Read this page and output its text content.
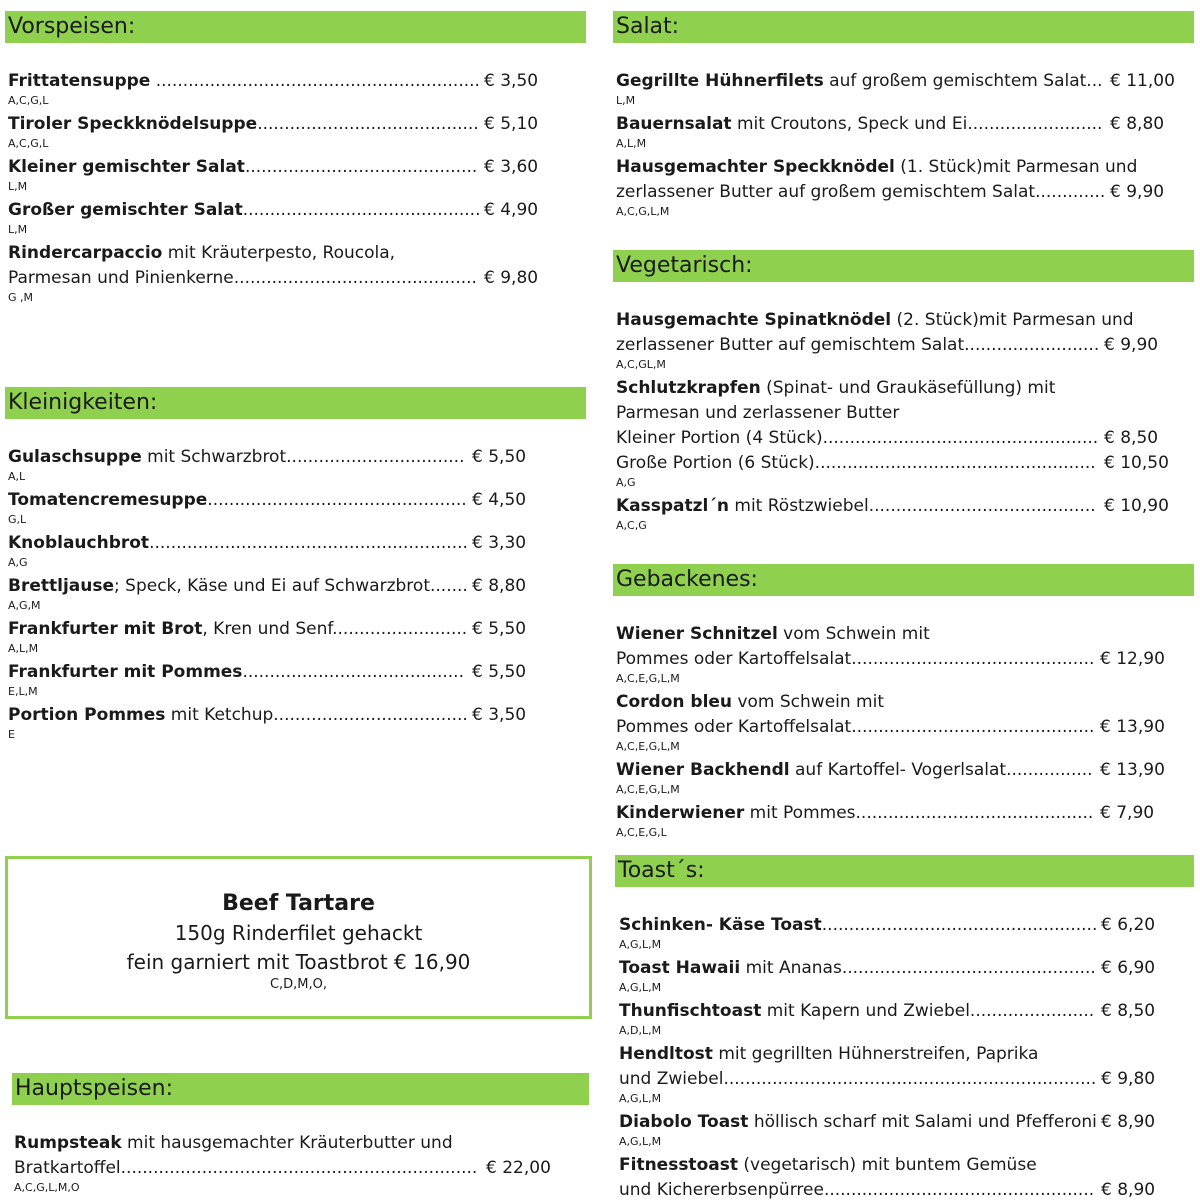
Vorspeisen:
Frittatensuppe ............................................................ € 3,50
A,C,G,L
Tiroler Speckknödelsuppe......................................... € 5,10
A,C,G,L
Kleiner gemischter Salat........................................... € 3,60
L,M
Großer gemischter Salat............................................ € 4,90
L,M
Rindercarpaccio mit Kräuterpesto, Roucola,
Parmesan und Pinienkerne............................................. € 9,80
G ,M
Kleinigkeiten:
Gulaschsuppe mit Schwarzbrot................................. € 5,50
A,L
Tomatencremesuppe................................................ € 4,50
G,L
Knoblauchbrot........................................................... € 3,30
A,G
Brettljause; Speck, Käse und Ei auf Schwarzbrot....... € 8,80
A,G,M
Frankfurter mit Brot, Kren und Senf......................... € 5,50
A,L,M
Frankfurter mit Pommes......................................... € 5,50
E,L,M
Portion Pommes mit Ketchup.................................... € 3,50
E
Beef Tartare
150g Rinderfilet gehackt
fein garniert mit Toastbrot € 16,90
C,D,M,O,
Hauptspeisen:
Rumpsteak mit hausgemachter Kräuterbutter und
Bratkartoffel.................................................................. € 22,00
A,C,G,L,M,O
Salat:
Gegrillte Hühnerfilets auf großem gemischtem Salat... € 11,00
L,M
Bauernsalat mit Croutons, Speck und Ei......................... € 8,80
A,L,M
Hausgemachter Speckknödel (1. Stück)mit Parmesan und
zerlassener Butter auf großem gemischtem Salat............. € 9,90
A,C,G,L,M
Vegetarisch:
Hausgemachte Spinatknödel (2. Stück)mit Parmesan und
zerlassener Butter auf gemischtem Salat......................... € 9,90
A,C,GL,M
Schlutzkrapfen (Spinat- und Graukäsefüllung) mit
Parmesan und zerlassener Butter
Kleiner Portion (4 Stück)................................................... € 8,50
Große Portion (6 Stück).................................................... € 10,50
A,G
Kasspatzl´n mit Röstzwiebel.......................................... € 10,90
A,C,G
Gebackenes:
Wiener Schnitzel vom Schwein mit
Pommes oder Kartoffelsalat............................................. € 12,90
A,C,E,G,L,M
Cordon bleu vom Schwein mit
Pommes oder Kartoffelsalat............................................. € 13,90
A,C,E,G,L,M
Wiener Backhendl auf Kartoffel- Vogerlsalat................ € 13,90
A,C,E,G,L,M
Kinderwiener mit Pommes............................................ € 7,90
A,C,E,G,L
Toast´s:
Schinken- Käse Toast................................................... € 6,20
A,G,L,M
Toast Hawaii mit Ananas............................................... € 6,90
A,G,L,M
Thunfischtoast mit Kapern und Zwiebel....................... € 8,50
A,D,L,M
Hendltost mit gegrillten Hühnerstreifen, Paprika
und Zwiebel..................................................................... € 9,80
A,G,L,M
Diabolo Toast höllisch scharf mit Salami und Pfefferoni € 8,90
A,G,L,M
Fitnesstoast (vegetarisch) mit buntem Gemüse
und Kichererbsenpürree.................................................. € 8,90
